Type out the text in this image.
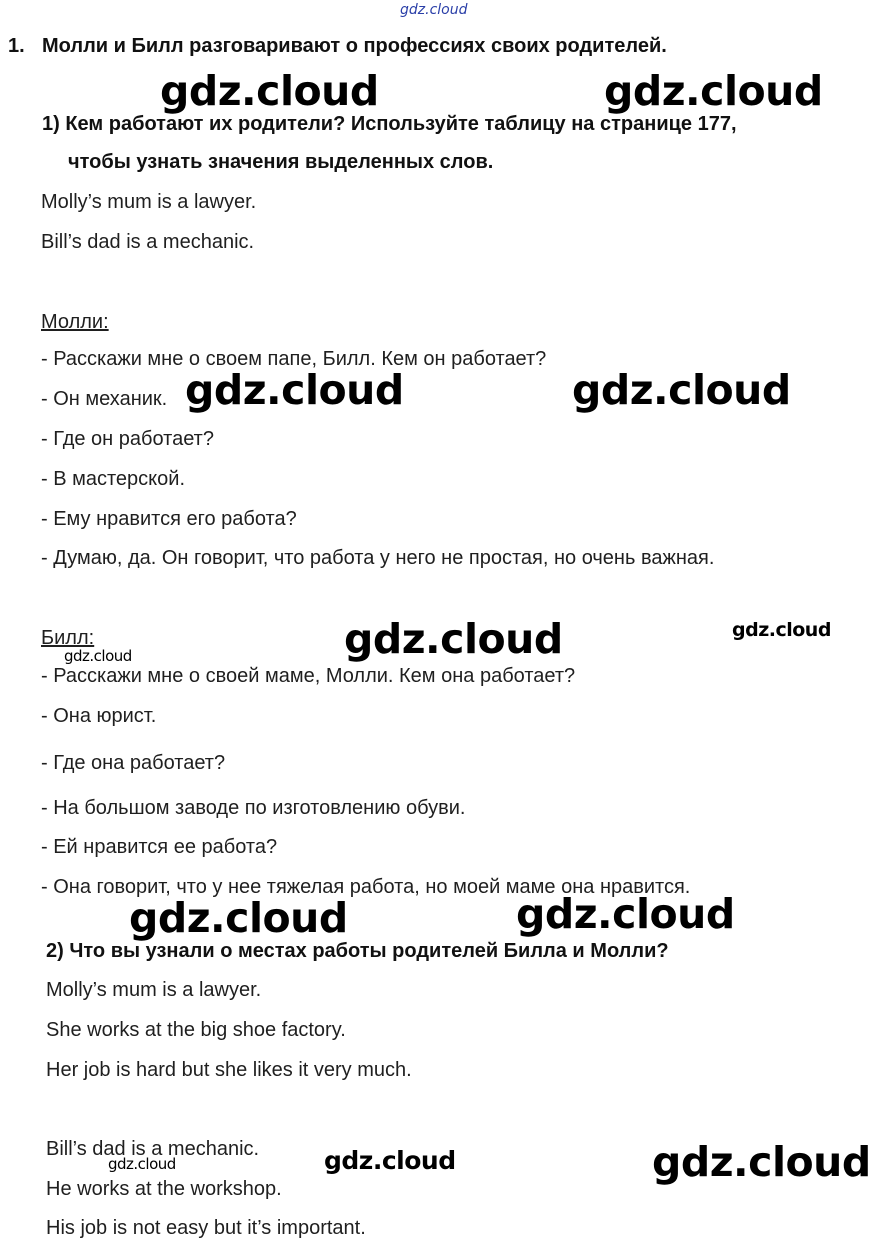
gdz.cloud
1. Молли и Билл разговаривают о профессиях своих родителей.
1) Кем работают их родители? Используйте таблицу на странице 177,
чтобы узнать значения выделенных слов.
Molly’s mum is a lawyer.
Bill’s dad is a mechanic.
Молли:
- Расскажи мне о своем папе, Билл. Кем он работает?
- Он механик.
- Где он работает?
- В мастерской.
- Ему нравится его работа?
- Думаю, да. Он говорит, что работа у него не простая, но очень важная.
Билл:
- Расскажи мне о своей маме, Молли. Кем она работает?
- Она юрист.
- Где она работает?
- На большом заводе по изготовлению обуви.
- Ей нравится ее работа?
- Она говорит, что у нее тяжелая работа, но моей маме она нравится.
2) Что вы узнали о местах работы родителей Билла и Молли?
Molly’s mum is a lawyer.
She works at the big shoe factory.
Her job is hard but she likes it very much.
Bill’s dad is a mechanic.
He works at the workshop.
His job is not easy but it’s important.
gdz.cloud	gdz.cloud
gdz.cloud	gdz.cloud
gdz.cloud	gdz.cloud
gdz.cloud
gdz.cloud	gdz.cloud
gdz.cloud	gdz.cloud	gdz.cloud
